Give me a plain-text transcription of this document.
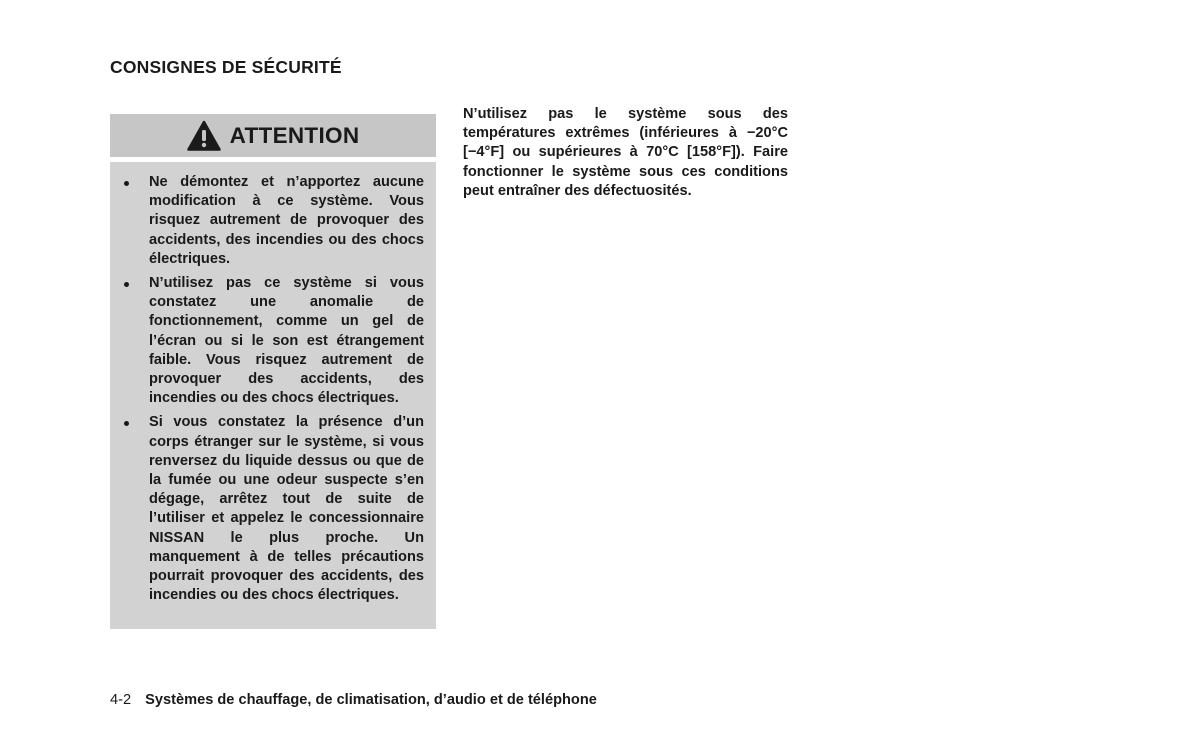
CONSIGNES DE SÉCURITÉ
ATTENTION
Ne démontez et n’apportez aucune modification à ce système. Vous risquez autrement de provoquer des accidents, des incendies ou des chocs électriques.
N’utilisez pas ce système si vous constatez une anomalie de fonctionnement, comme un gel de l’écran ou si le son est étrangement faible. Vous risquez autrement de provoquer des accidents, des incendies ou des chocs électriques.
Si vous constatez la présence d’un corps étranger sur le système, si vous renversez du liquide dessus ou que de la fumée ou une odeur suspecte s’en dégage, arrêtez tout de suite de l’utiliser et appelez le concessionnaire NISSAN le plus proche. Un manquement à de telles précautions pourrait provoquer des accidents, des incendies ou des chocs électriques.

N’utilisez pas le système sous des températures extrêmes (inférieures à −20°C [−4°F] ou supérieures à 70°C [158°F]). Faire fonctionner le système sous ces conditions peut entraîner des défectuosités.

4-2 Systèmes de chauffage, de climatisation, d’audio et de téléphone
